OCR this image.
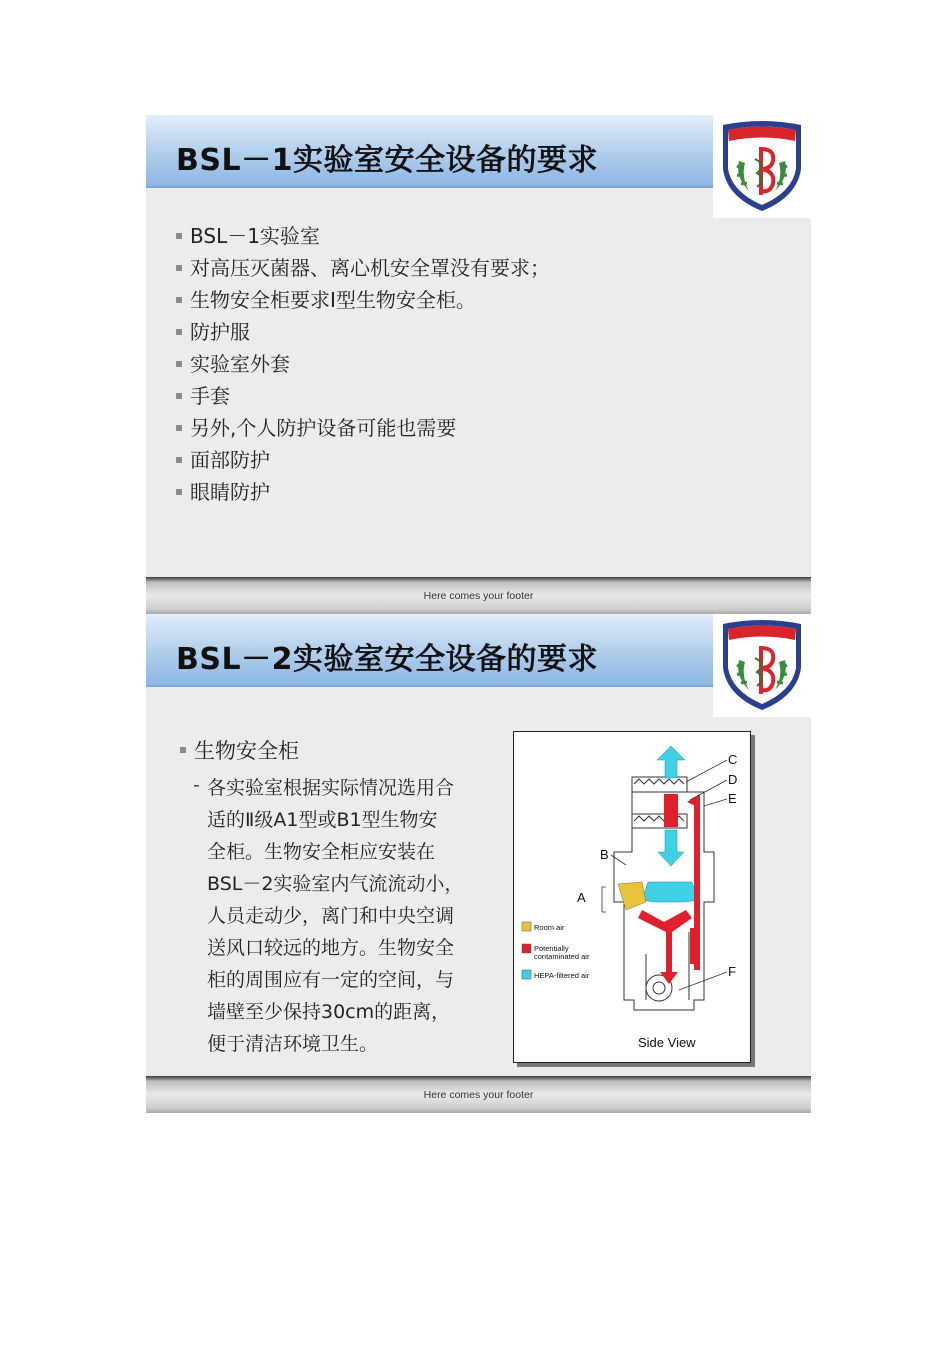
BSL－1实验室安全设备的要求
BSL－1实验室
对高压灭菌器、离心机安全罩没有要求；
生物安全柜要求Ⅰ型生物安全柜。
防护服
实验室外套
手套
另外,个人防护设备可能也需要
面部防护
眼睛防护
Here comes your footer
BSL－2实验室安全设备的要求
生物安全柜
- 各实验室根据实际情况选用合
适的Ⅱ级A1型或B1型生物安
全柜。生物安全柜应安装在
BSL－2实验室内气流流动小，
人员走动少，离门和中央空调
送风口较远的地方。生物安全
柜的周围应有一定的空间，与
墙壁至少保持30cm的距离，
便于清洁环境卫生。
C
D
E
B
A
F
Room air
Potentially contaminated air
HEPA-filtered air
Side View
Here comes your footer
